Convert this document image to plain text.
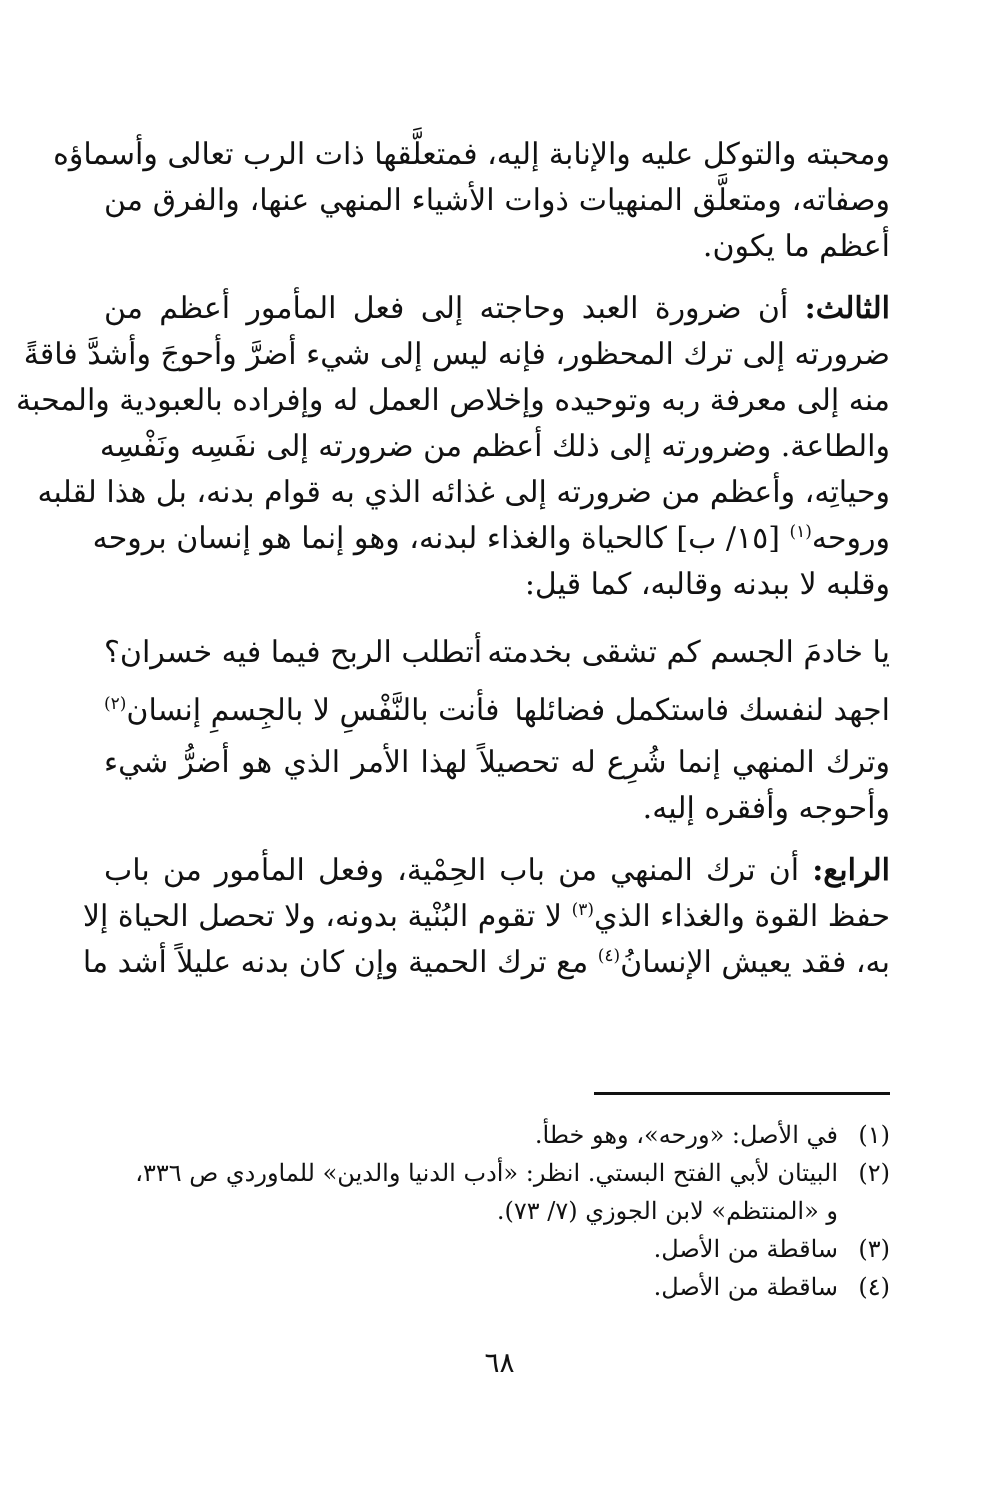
ومحبته والتوكل عليه والإنابة إليه، فمتعلَّقها ذات الرب تعالى وأسماؤه
وصفاته، ومتعلَّق المنهيات ذوات الأشياء المنهي عنها، والفرق من
أعظم ما يكون.
الثالث: أن ضرورة العبد وحاجته إلى فعل المأمور أعظم من
ضرورته إلى ترك المحظور، فإنه ليس إلى شيء أضرَّ وأحوجَ وأشدَّ فاقةً
منه إلى معرفة ربه وتوحيده وإخلاص العمل له وإفراده بالعبودية والمحبة
والطاعة. وضرورته إلى ذلك أعظم من ضرورته إلى نفَسِه ونَفْسِه
وحياتِه، وأعظم من ضرورته إلى غذائه الذي به قوام بدنه، بل هذا لقلبه
وروحه$^{(١)}$ [١٥/ ب] كالحياة والغذاء لبدنه، وهو إنما هو إنسان بروحه
وقلبه لا ببدنه وقالبه، كما قيل:
يا خادمَ الجسم كم تشقى بخدمته
أتطلب الربح فيما فيه خسران؟
اجهد لنفسك فاستكمل فضائلها
فأنت بالنَّفْسِ لا بالجِسمِ إنسان$^{(٢)}$
وترك المنهي إنما شُرِع له تحصيلاً لهذا الأمر الذي هو أضرُّ شيء
وأحوجه وأفقره إليه.
الرابع: أن ترك المنهي من باب الحِمْية، وفعل المأمور من باب
حفظ القوة والغذاء الذي$^{(٣)}$ لا تقوم البُنْية بدونه، ولا تحصل الحياة إلا
به، فقد يعيش الإنسانُ$^{(٤)}$ مع ترك الحمية وإن كان بدنه عليلاً أشد ما
(١)
في الأصل: «ورحه»، وهو خطأ.
(٢)
البيتان لأبي الفتح البستي. انظر: «أدب الدنيا والدين» للماوردي ص ٣٣٦،
و «المنتظم» لابن الجوزي (٧/ ٧٣).
(٣)
ساقطة من الأصل.
(٤)
ساقطة من الأصل.
٦٨
